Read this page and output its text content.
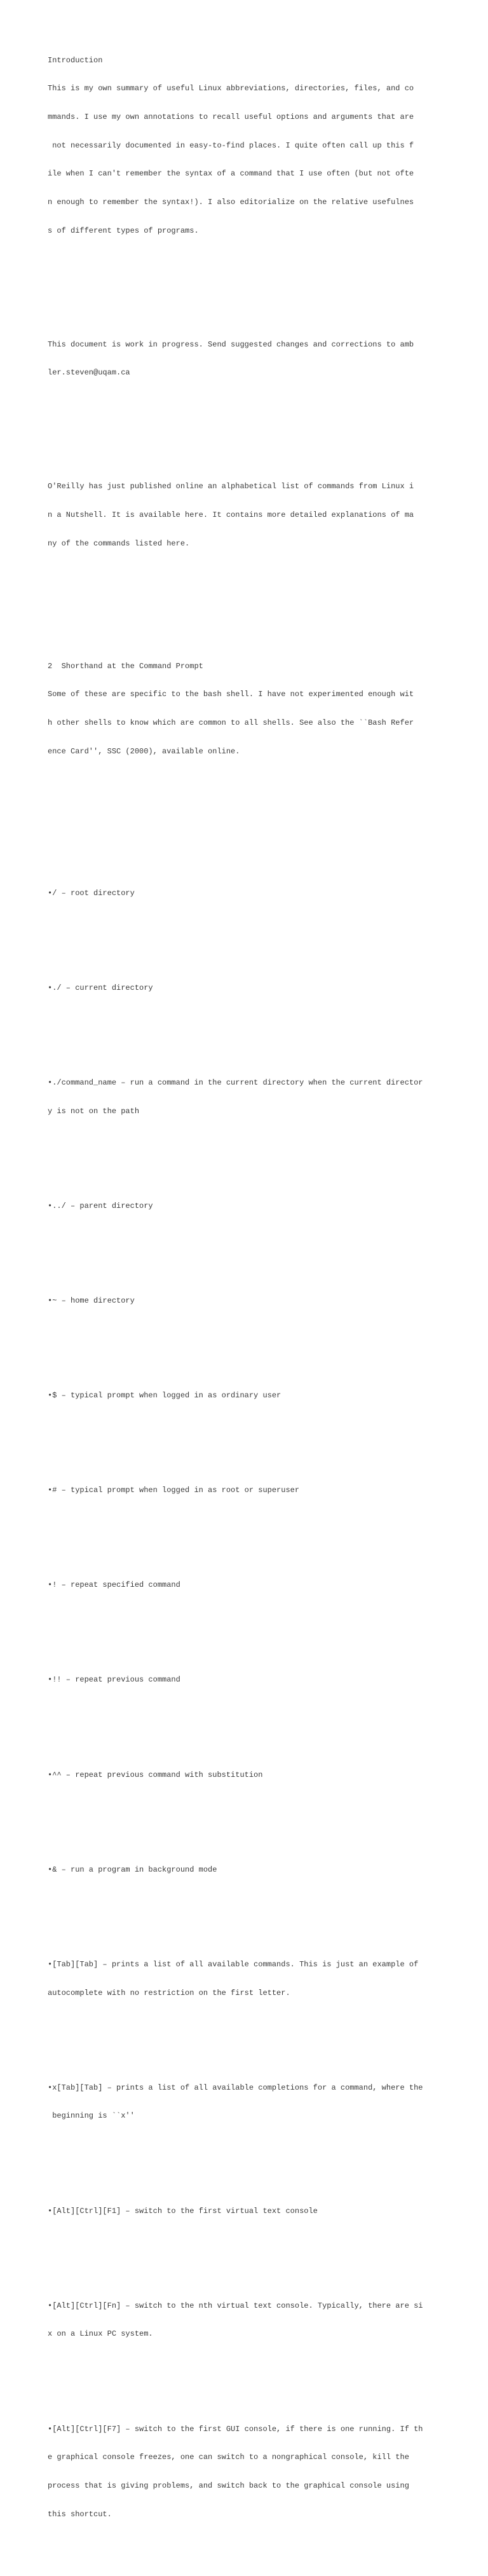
Introduction

This is my own summary of useful Linux abbreviations, directories, files, and co

mmands. I use my own annotations to recall useful options and arguments that are

not necessarily documented in easy-to-find places. I quite often call up this f

ile when I can't remember the syntax of a command that I use often (but not ofte

n enough to remember the syntax!). I also editorialize on the relative usefulnes

s of different types of programs.

This document is work in progress. Send suggested changes and corrections to amb

ler.steven@uqam.ca

O'Reilly has just published online an alphabetical list of commands from Linux i

n a Nutshell. It is available here. It contains more detailed explanations of ma

ny of the commands listed here.

2  Shorthand at the Command Prompt

Some of these are specific to the bash shell. I have not experimented enough wit

h other shells to know which are common to all shells. See also the ``Bash Refer

ence Card'', SSC (2000), available online.

•/ – root directory

•./ – current directory

•./command_name – run a command in the current directory when the current director

y is not on the path

•../ – parent directory

•~ – home directory

•$ – typical prompt when logged in as ordinary user

•# – typical prompt when logged in as root or superuser

•! – repeat specified command

•!! – repeat previous command

•^^ – repeat previous command with substitution

•& – run a program in background mode

•[Tab][Tab] – prints a list of all available commands. This is just an example of

autocomplete with no restriction on the first letter.

•x[Tab][Tab] – prints a list of all available completions for a command, where the

beginning is ``x''

•[Alt][Ctrl][F1] – switch to the first virtual text console

•[Alt][Ctrl][Fn] – switch to the nth virtual text console. Typically, there are si

x on a Linux PC system.

•[Alt][Ctrl][F7] – switch to the first GUI console, if there is one running. If th

e graphical console freezes, one can switch to a nongraphical console, kill the

process that is giving problems, and switch back to the graphical console using

this shortcut.
